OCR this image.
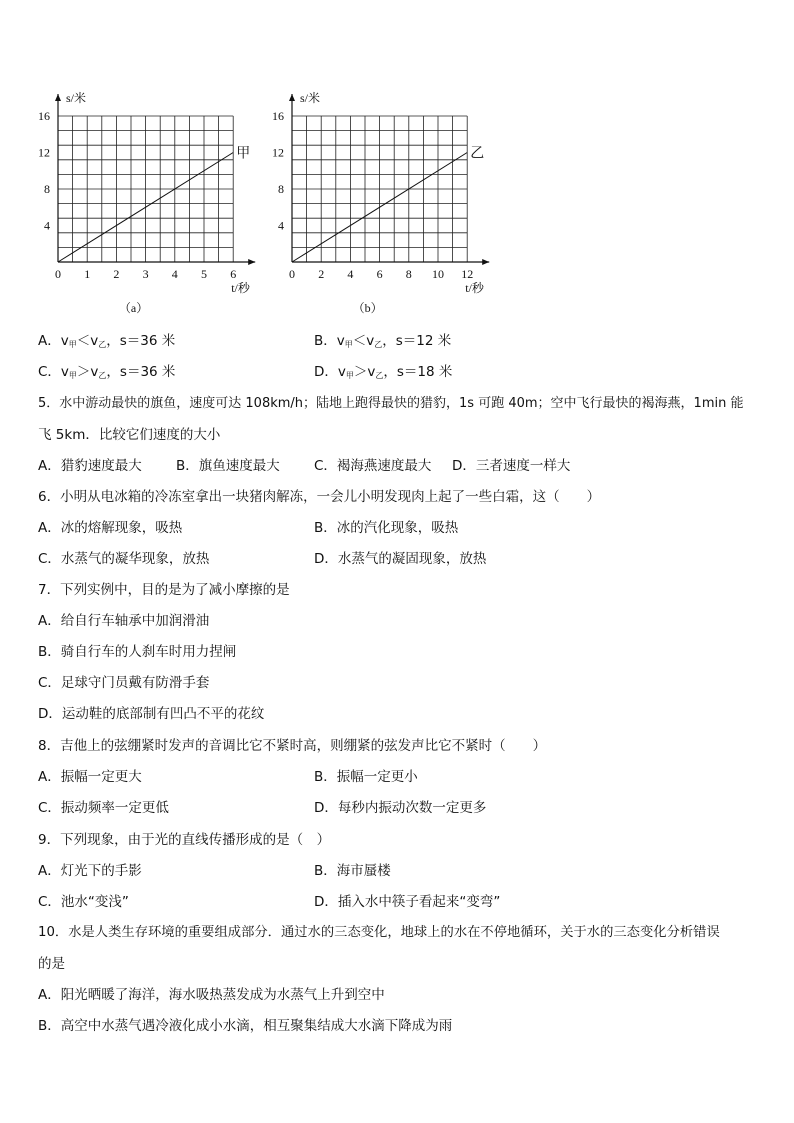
0 1 2 3 4 5 6
4
8
12
16
s/米
t/秒
甲
（a）
0 2 4 6 8 10 12
4
8
12
16
s/米
t/秒
乙
（b）
A．$v_甲<v_乙$，s＝36 米	B．$v_甲<v_乙$，s＝12 米
C．$v_甲>v_乙$，s＝36 米	D．$v_甲>v_乙$，s＝18 米
5．水中游动最快的旗鱼，速度可达 108km/h；陆地上跑得最快的猎豹，1s 可跑 40m；空中飞行最快的褐海燕，1min 能
飞 5km．比较它们速度的大小
A．猎豹速度最大	B．旗鱼速度最大	C．褐海燕速度最大 D．三者速度一样大
6．小明从电冰箱的冷冻室拿出一块猪肉解冻，一会儿小明发现肉上起了一些白霜，这（　　）
A．冰的熔解现象，吸热	B．冰的汽化现象，吸热
C．水蒸气的凝华现象，放热	D．水蒸气的凝固现象，放热
7．下列实例中，目的是为了减小摩擦的是
A．给自行车轴承中加润滑油
B．骑自行车的人刹车时用力捏闸
C．足球守门员戴有防滑手套
D．运动鞋的底部制有凹凸不平的花纹
8．吉他上的弦绷紧时发声的音调比它不紧时高，则绷紧的弦发声比它不紧时（　　）
A．振幅一定更大	B．振幅一定更小
C．振动频率一定更低	D．每秒内振动次数一定更多
9．下列现象，由于光的直线传播形成的是（　）
A．灯光下的手影	B．海市蜃楼
C．池水“变浅”	D．插入水中筷子看起来“变弯”
10．水是人类生存环境的重要组成部分．通过水的三态变化，地球上的水在不停地循环，关于水的三态变化分析错误
的是
A．阳光晒暖了海洋，海水吸热蒸发成为水蒸气上升到空中
B．高空中水蒸气遇冷液化成小水滴，相互聚集结成大水滴下降成为雨
